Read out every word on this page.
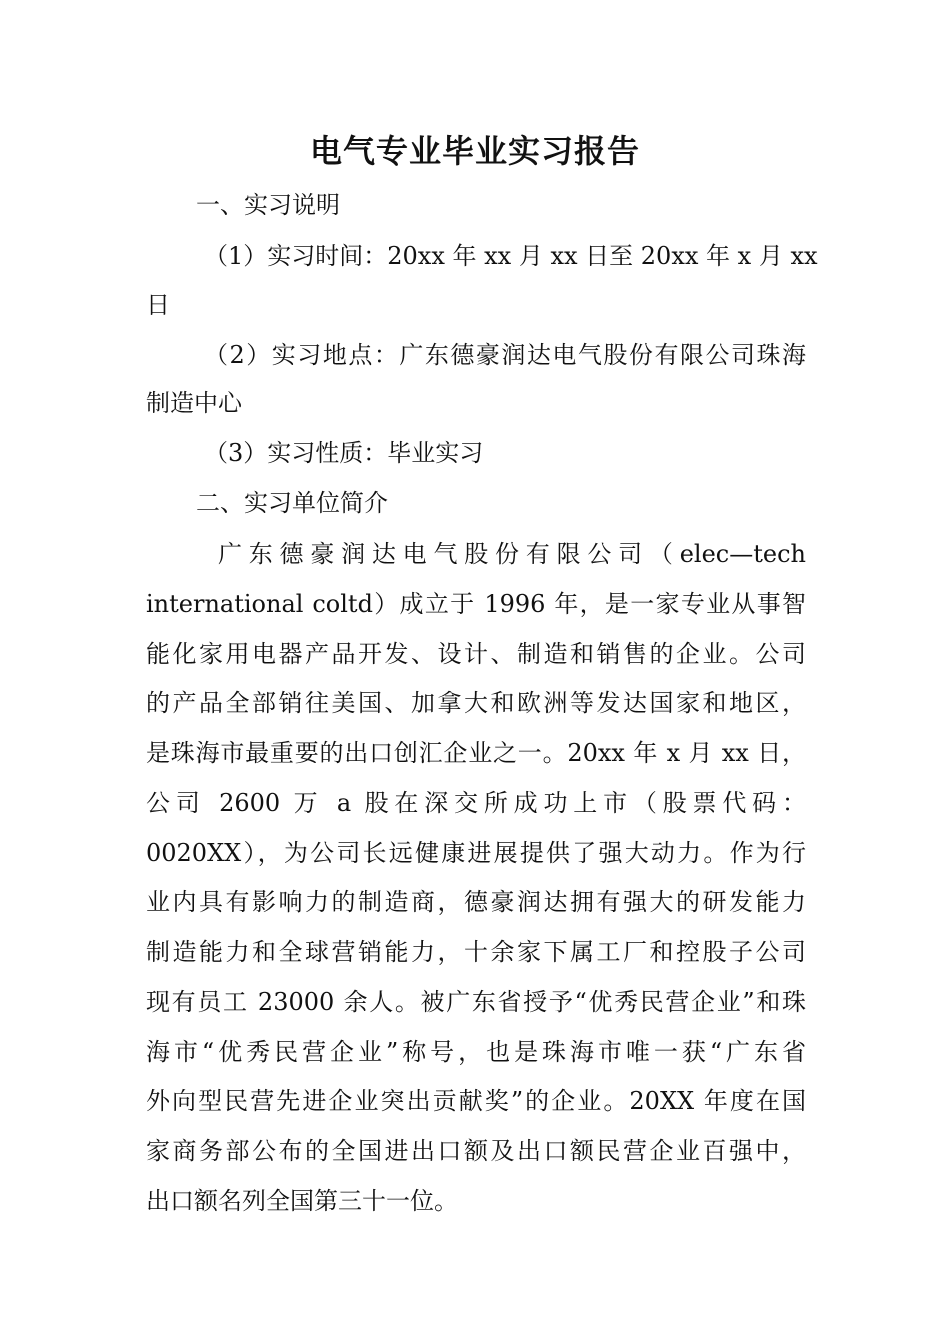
电气专业毕业实习报告
一、实习说明
（1）实习时间：20xx 年 xx 月 xx 日至 20xx 年 x 月 xx
日
（2）实习地点：广东德豪润达电气股份有限公司珠海
制造中心
（3）实习性质：毕业实习
二、实习单位简介
广东德豪润达电气股份有限公司（elec—tech
international coltd）成立于 1996 年，是一家专业从事智
能化家用电器产品开发、设计、制造和销售的企业。公司
的产品全部销往美国、加拿大和欧洲等发达国家和地区，
是珠海市最重要的出口创汇企业之一。20xx 年 x 月 xx 日，
公司 2600 万 a 股在深交所成功上市（股票代码：
0020XX），为公司长远健康进展提供了强大动力。作为行
业内具有影响力的制造商，德豪润达拥有强大的研发能力
制造能力和全球营销能力，十余家下属工厂和控股子公司
现有员工 23000 余人。被广东省授予“优秀民营企业”和珠
海市“优秀民营企业”称号，也是珠海市唯一获“广东省
外向型民营先进企业突出贡献奖”的企业。20XX 年度在国
家商务部公布的全国进出口额及出口额民营企业百强中，
出口额名列全国第三十一位。
